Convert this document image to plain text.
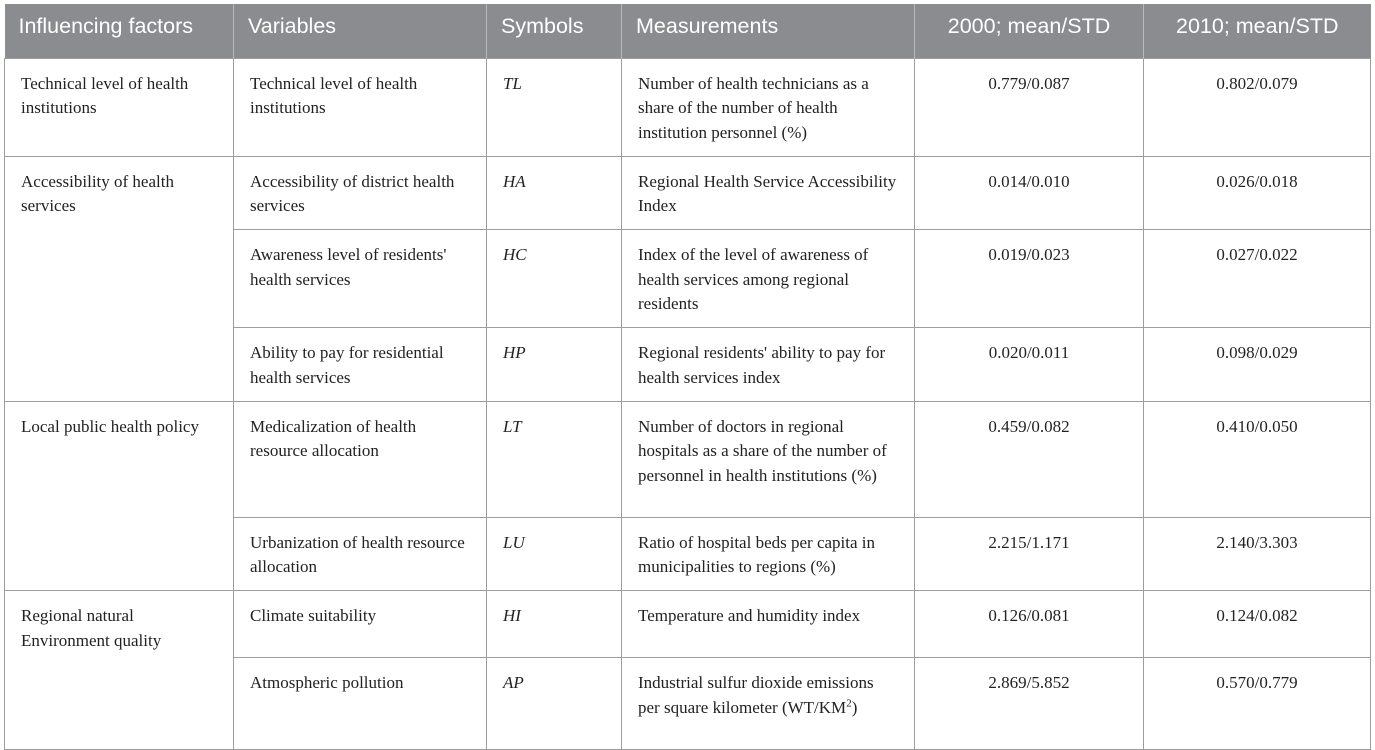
Influencing factors	Variables	Symbols	Measurements	2000; mean/STD	2010; mean/STD
Technical level of health institutions	Technical level of health institutions	TL	Number of health technicians as a share of the number of health institution personnel (%)	0.779/0.087	0.802/0.079
Accessibility of health services	Accessibility of district health services	HA	Regional Health Service Accessibility Index	0.014/0.010	0.026/0.018
	Awareness level of residents' health services	HC	Index of the level of awareness of health services among regional residents	0.019/0.023	0.027/0.022
	Ability to pay for residential health services	HP	Regional residents' ability to pay for health services index	0.020/0.011	0.098/0.029
Local public health policy	Medicalization of health resource allocation	LT	Number of doctors in regional hospitals as a share of the number of personnel in health institutions (%)	0.459/0.082	0.410/0.050
	Urbanization of health resource allocation	LU	Ratio of hospital beds per capita in municipalities to regions (%)	2.215/1.171	2.140/3.303
Regional natural Environment quality	Climate suitability	HI	Temperature and humidity index	0.126/0.081	0.124/0.082
	Atmospheric pollution	AP	Industrial sulfur dioxide emissions per square kilometer $(WT/KM^2)$	2.869/5.852	0.570/0.779
